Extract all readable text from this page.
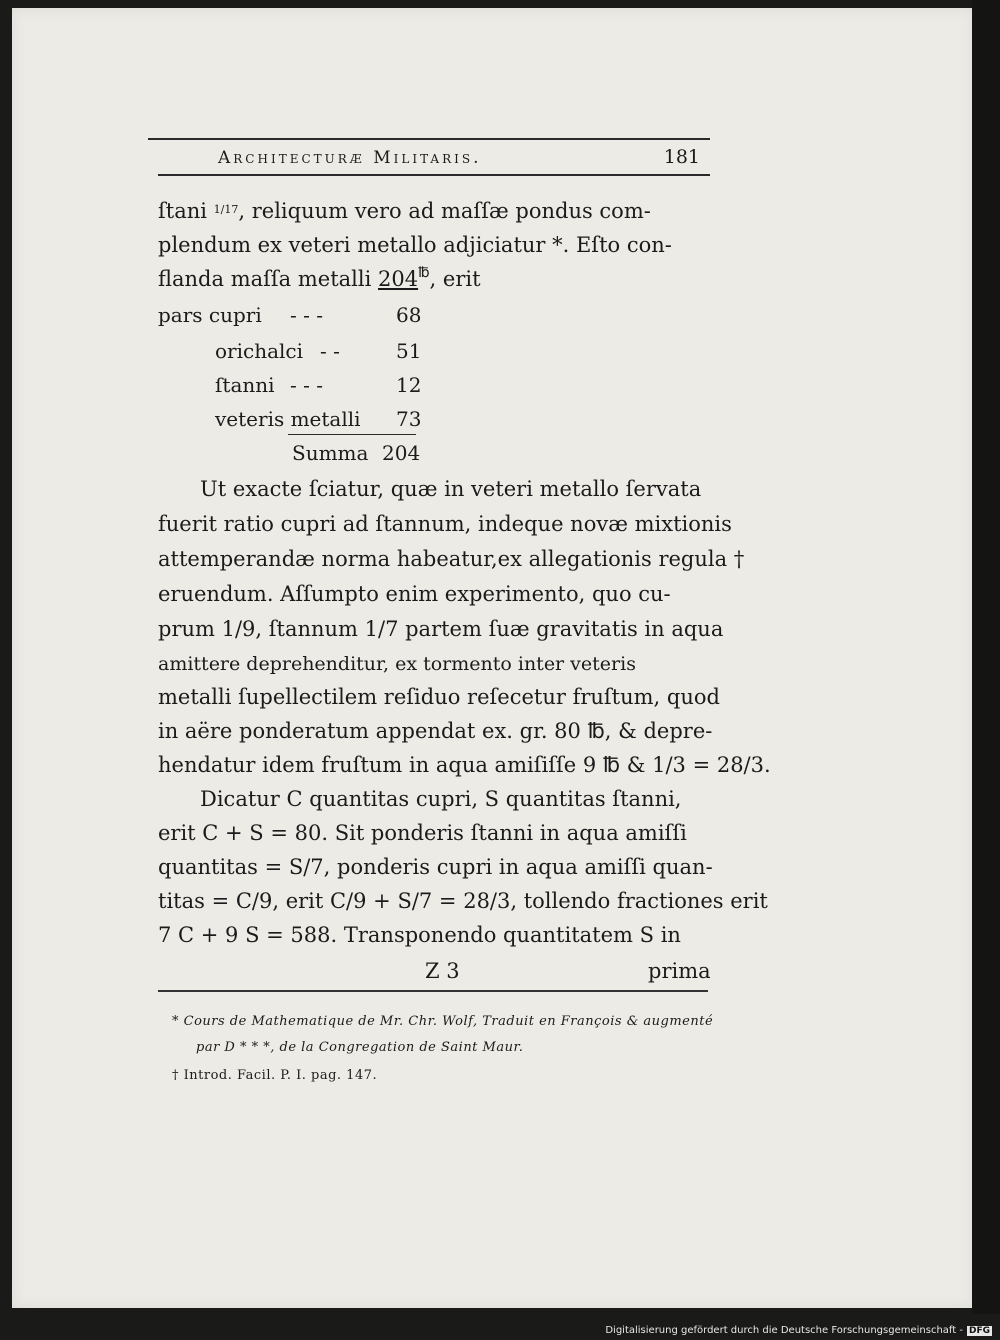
Architecturæ Militaris.	181
ſtani $^{1/17}$, reliquum vero ad maſſæ pondus com-
plendum ex veteri metallo adjiciatur *. Eſto con-
flanda maſſa metalli 204℔, erit
pars cupri - - -	68
orichalci - -	51
ſtanni - - -	12
veteris metalli 73
Summa 204
Ut exacte ſciatur, quæ in veteri metallo ſervata
fuerit ratio cupri ad ſtannum, indeque novæ mixtionis
attemperandæ norma habeatur,ex allegationis regula †
eruendum. Aſſumpto enim experimento, quo cu-
prum 1/9, ſtannum 1/7 partem ſuæ gravitatis in aqua
amittere deprehenditur, ex tormento inter veteris
metalli ſupellectilem reſiduo reſecetur fruſtum, quod
in aëre ponderatum appendat ex. gr. 80 ℔, & depre-
hendatur idem fruſtum in aqua amiſiſſe 9 ℔ & 1/3 = 28/3.
Dicatur C quantitas cupri, S quantitas ſtanni,
erit C + S = 80. Sit ponderis ſtanni in aqua amiſſi
quantitas = S/7, ponderis cupri in aqua amiſſi quan-
titas = C/9, erit C/9 + S/7 = 28/3, tollendo fractiones erit
7 C + 9 S = 588. Transponendo quantitatem S in
Z 3	prima
* Cours de Mathematique de Mr. Chr. Wolf, Traduit en François & augmenté
par D * * *, de la Congregation de Saint Maur.
† Introd. Facil. P. I. pag. 147.
Digitalisierung gefördert durch die Deutsche Forschungsgemeinschaft - DFG
